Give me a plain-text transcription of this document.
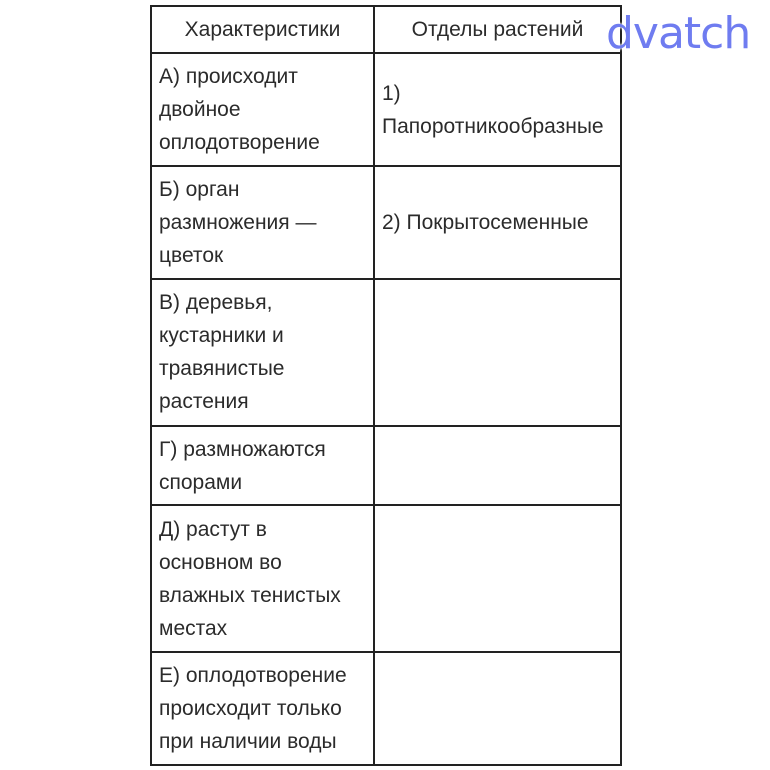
Характеристики	Отделы растений

А) происходит
двойное
оплодотворение	1)
Папоротникообразные

Б) орган
размножения —
цветок	2) Покрытосеменные

В) деревья,
кустарники и
травянистые
растения	

Г) размножаются
спорами	

Д) растут в
основном во
влажных тенистых
местах	

Е) оплодотворение
происходит только
при наличии воды	

dvatch
